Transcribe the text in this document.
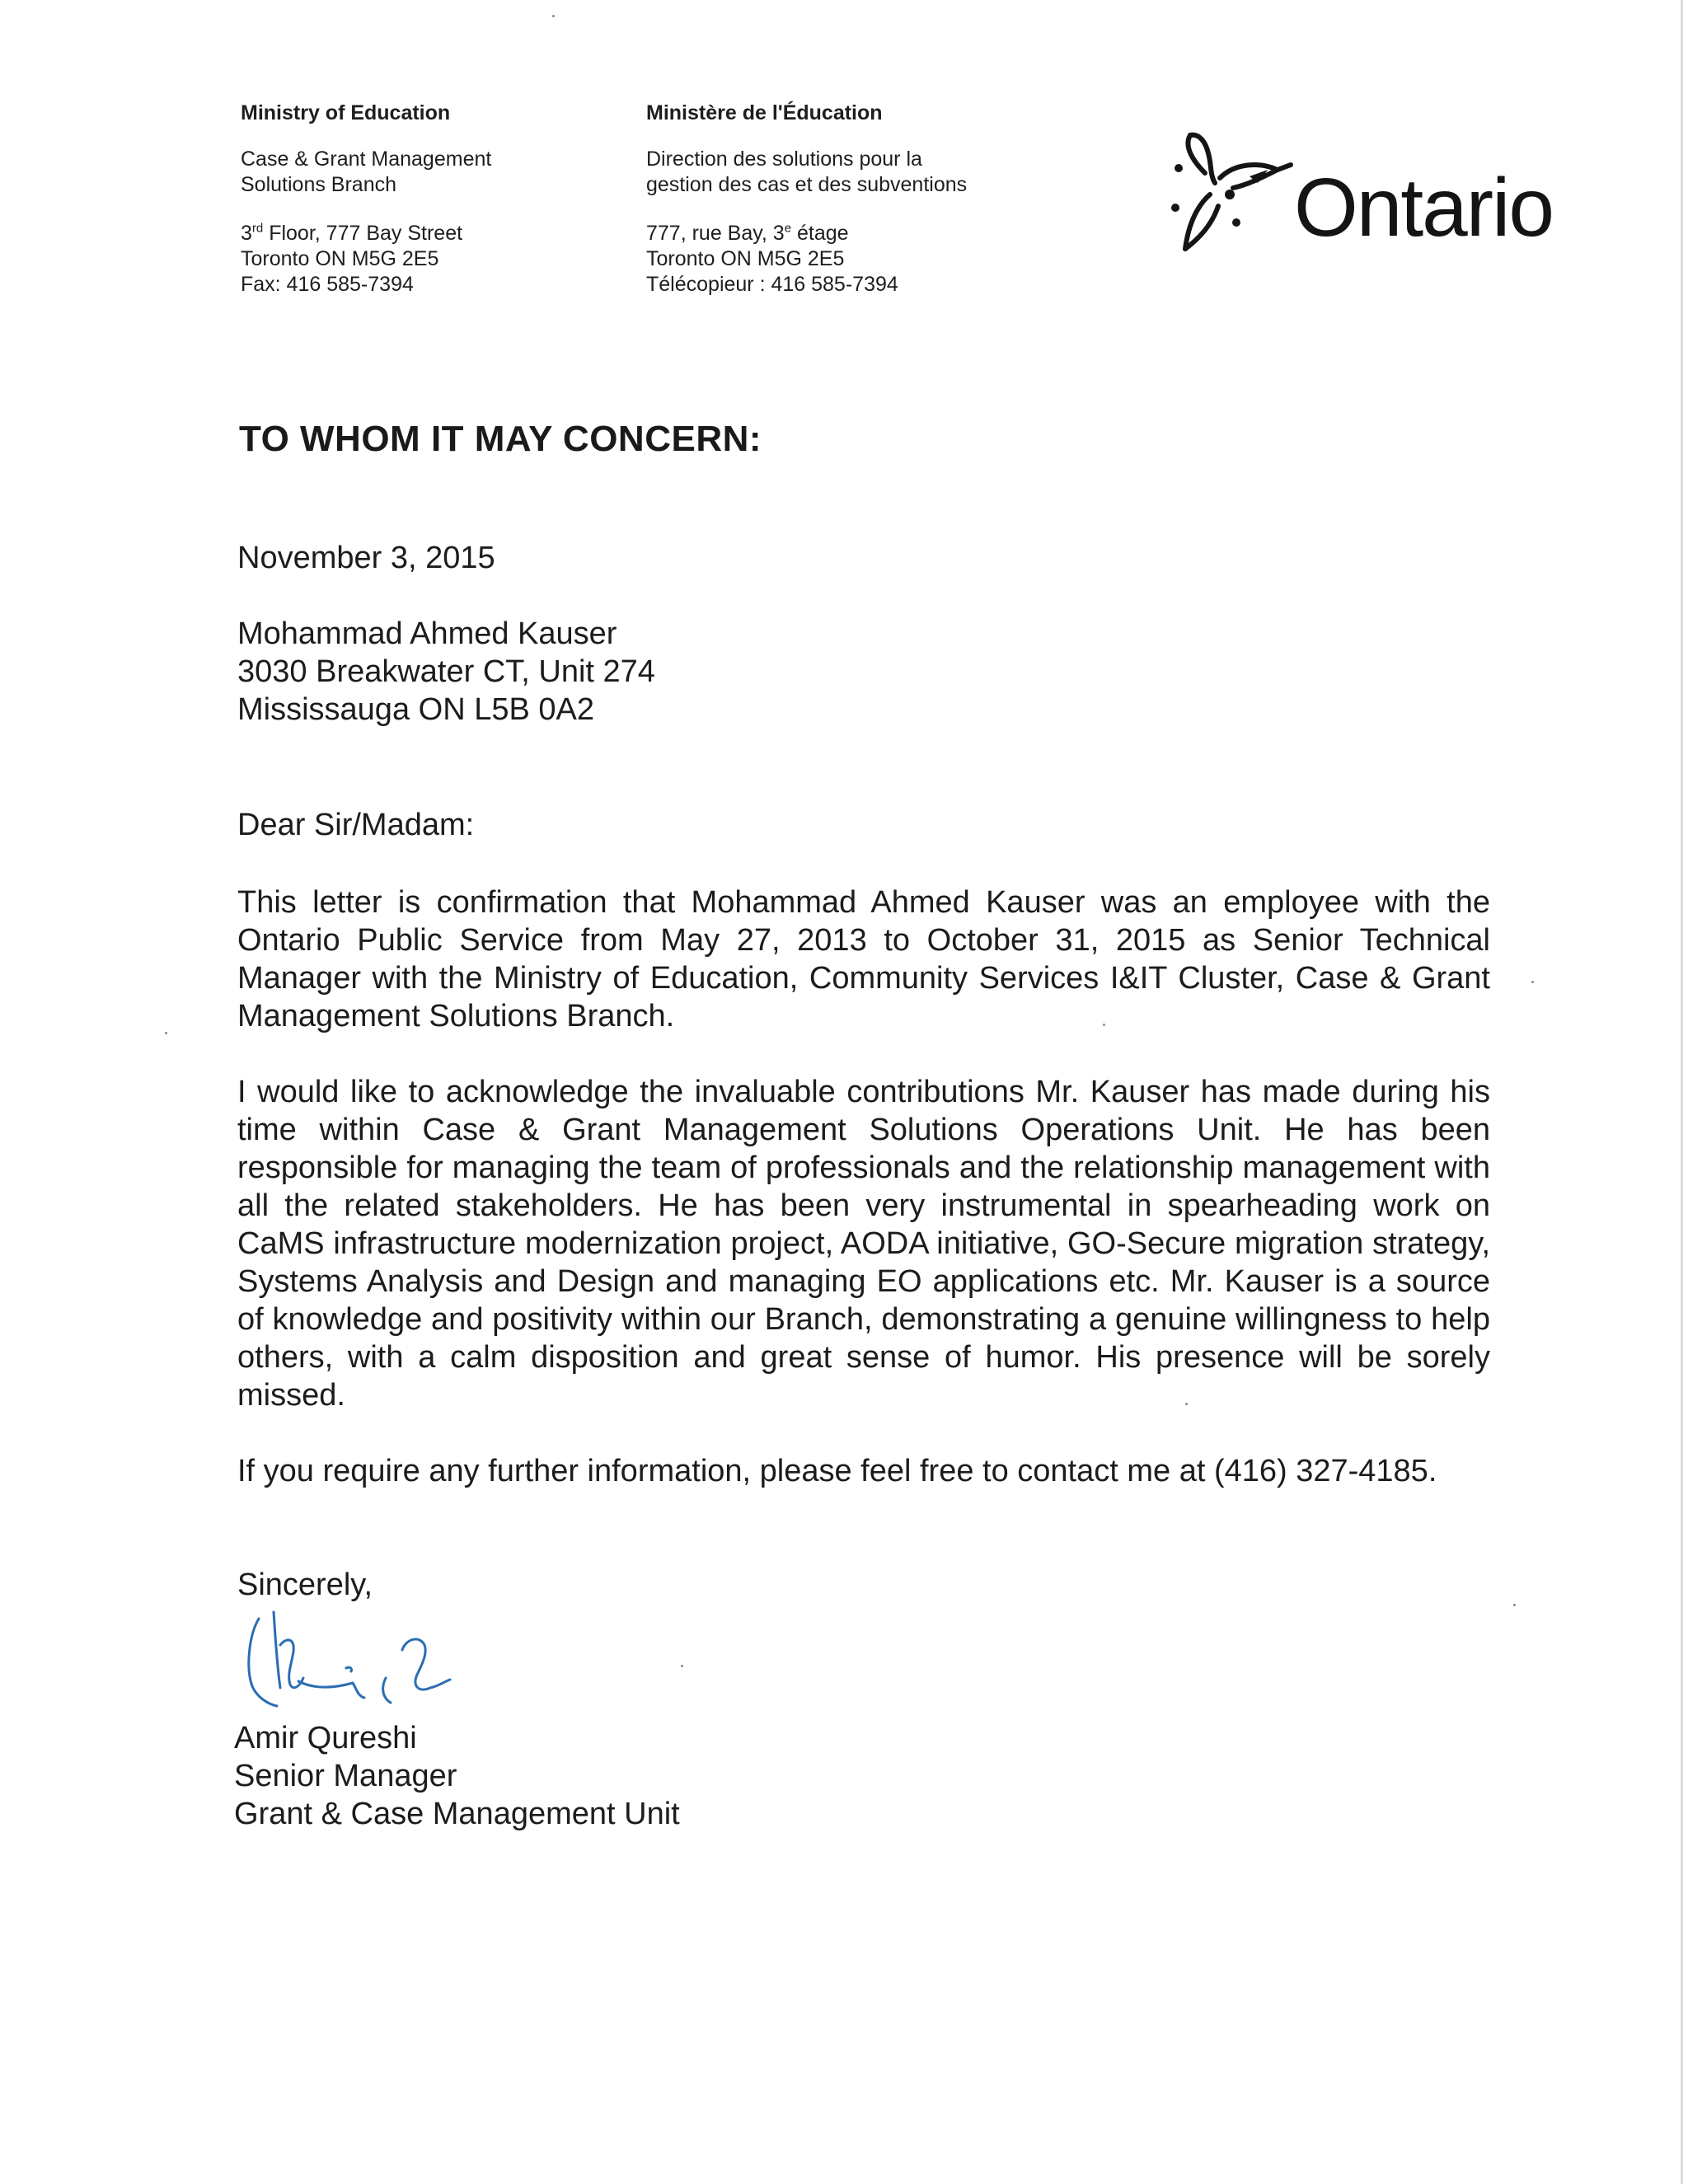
Ministry of Education
Case & Grant Management
Solutions Branch
3rd Floor, 777 Bay Street
Toronto ON M5G 2E5
Fax: 416 585-7394
Ministère de l'Éducation
Direction des solutions pour la
gestion des cas et des subventions
777, rue Bay, 3e étage
Toronto ON M5G 2E5
Télécopieur : 416 585-7394
Ontario
TO WHOM IT MAY CONCERN:
November 3, 2015
Mohammad Ahmed Kauser
3030 Breakwater CT, Unit 274
Mississauga ON L5B 0A2
Dear Sir/Madam:
This letter is confirmation that Mohammad Ahmed Kauser was an employee with the Ontario Public Service from May 27, 2013 to October 31, 2015 as Senior Technical Manager with the Ministry of Education, Community Services I&IT Cluster, Case & Grant Management Solutions Branch.
I would like to acknowledge the invaluable contributions Mr. Kauser has made during his time within Case & Grant Management Solutions Operations Unit. He has been responsible for managing the team of professionals and the relationship management with all the related stakeholders. He has been very instrumental in spearheading work on CaMS infrastructure modernization project, AODA initiative, GO-Secure migration strategy, Systems Analysis and Design and managing EO applications etc. Mr. Kauser is a source of knowledge and positivity within our Branch, demonstrating a genuine willingness to help others, with a calm disposition and great sense of humor. His presence will be sorely missed.
If you require any further information, please feel free to contact me at (416) 327-4185.
Sincerely,
Amir Qureshi
Senior Manager
Grant & Case Management Unit
